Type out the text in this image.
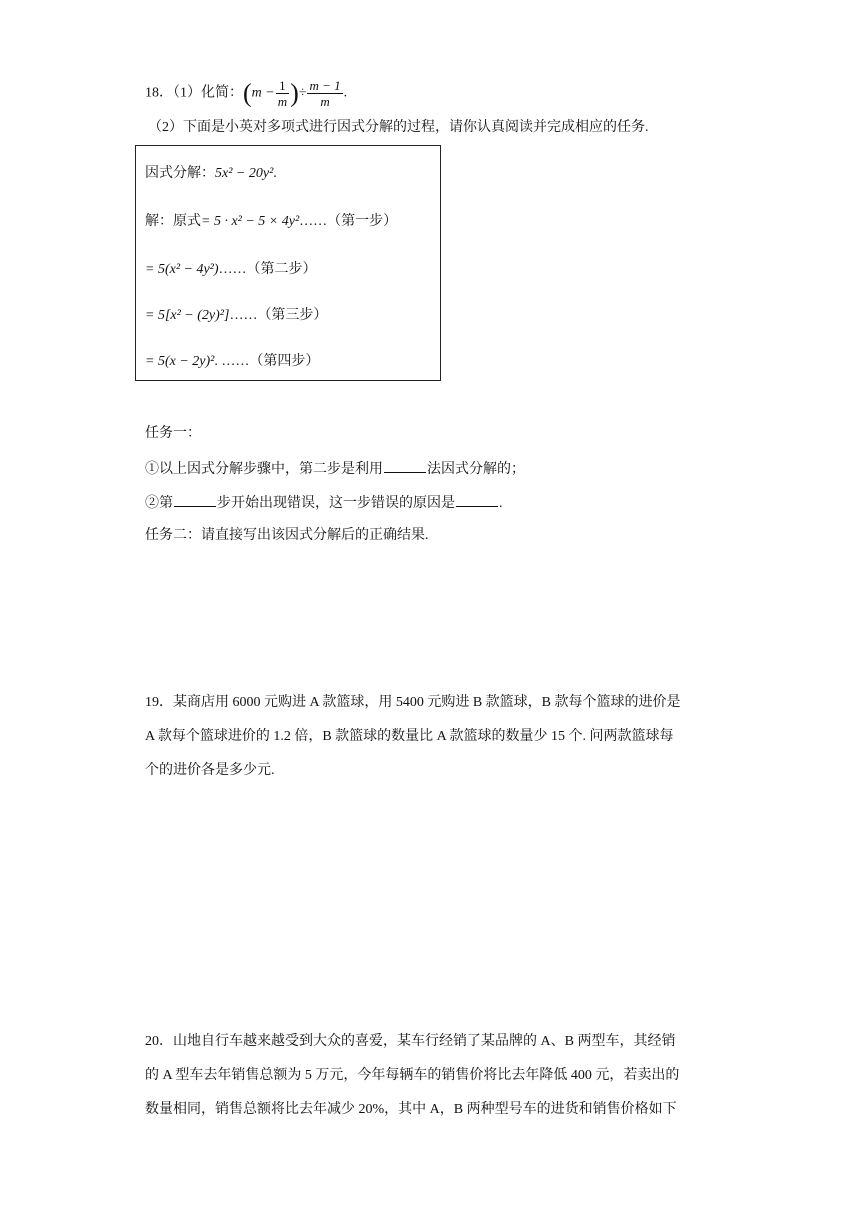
18．（1）化简：($m - \frac{1}{m}$ )÷ $\frac{m - 1}{m}$ .
（2）下面是小英对多项式进行因式分解的过程，请你认真阅读并完成相应的任务.
因式分解：5x² − 20y².
解：原式= 5 · x² − 5 × 4y²……（第一步）
= 5(x² − 4y²)……（第二步）
= 5[x² − (2y)²]……（第三步）
= 5(x − 2y)². ……（第四步）
任务一：
①以上因式分解步骤中，第二步是利用	法因式分解的；
②第	步开始出现错误，这一步错误的原因是	.
任务二：请直接写出该因式分解后的正确结果.
19．某商店用 6000 元购进 A 款篮球，用 5400 元购进 B 款篮球，B 款每个篮球的进价是
A 款每个篮球进价的 1.2 倍，B 款篮球的数量比 A 款篮球的数量少 15 个. 问两款篮球每
个的进价各是多少元.
20．山地自行车越来越受到大众的喜爱，某车行经销了某品牌的 A、B 两型车，其经销
的 A 型车去年销售总额为 5 万元，今年每辆车的销售价将比去年降低 400 元，若卖出的
数量相同，销售总额将比去年减少 20%，其中 A，B 两种型号车的进货和销售价格如下
